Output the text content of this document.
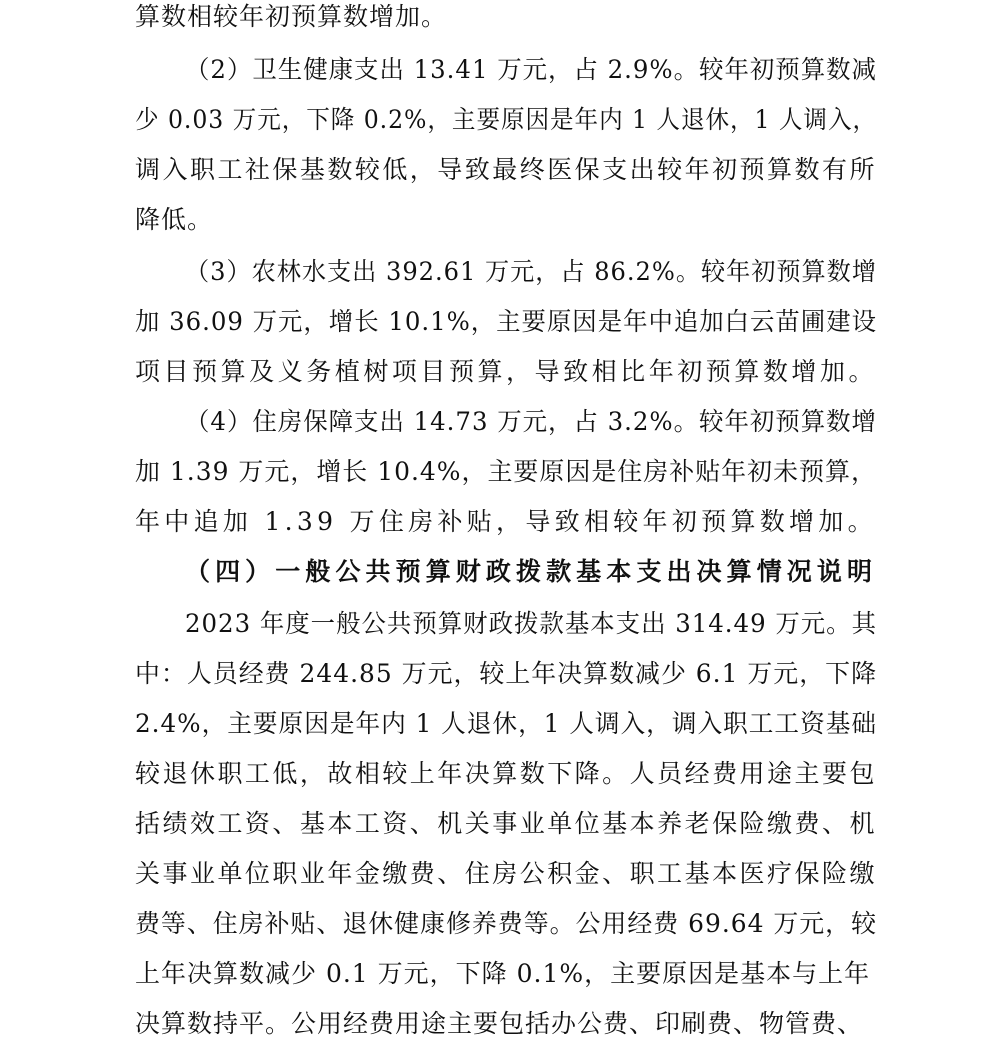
算数相较年初预算数增加。
（2）卫生健康支出 13.41 万元，占 2.9%。较年初预算数减
少 0.03 万元，下降 0.2%，主要原因是年内 1 人退休，1 人调入，
调入职工社保基数较低，导致最终医保支出较年初预算数有所
降低。
（3）农林水支出 392.61 万元，占 86.2%。较年初预算数增
加 36.09 万元，增长 10.1%，主要原因是年中追加白云苗圃建设
项目预算及义务植树项目预算，导致相比年初预算数增加。
（4）住房保障支出 14.73 万元，占 3.2%。较年初预算数增
加 1.39 万元，增长 10.4%，主要原因是住房补贴年初未预算，
年中追加 1.39 万住房补贴，导致相较年初预算数增加。
（四）一般公共预算财政拨款基本支出决算情况说明
2023 年度一般公共预算财政拨款基本支出 314.49 万元。其
中：人员经费 244.85 万元，较上年决算数减少 6.1 万元，下降
2.4%，主要原因是年内 1 人退休，1 人调入，调入职工工资基础
较退休职工低，故相较上年决算数下降。人员经费用途主要包
括绩效工资、基本工资、机关事业单位基本养老保险缴费、机
关事业单位职业年金缴费、住房公积金、职工基本医疗保险缴
费等、住房补贴、退休健康修养费等。公用经费 69.64 万元，较
上年决算数减少 0.1 万元，下降 0.1%，主要原因是基本与上年
决算数持平。公用经费用途主要包括办公费、印刷费、物管费、
